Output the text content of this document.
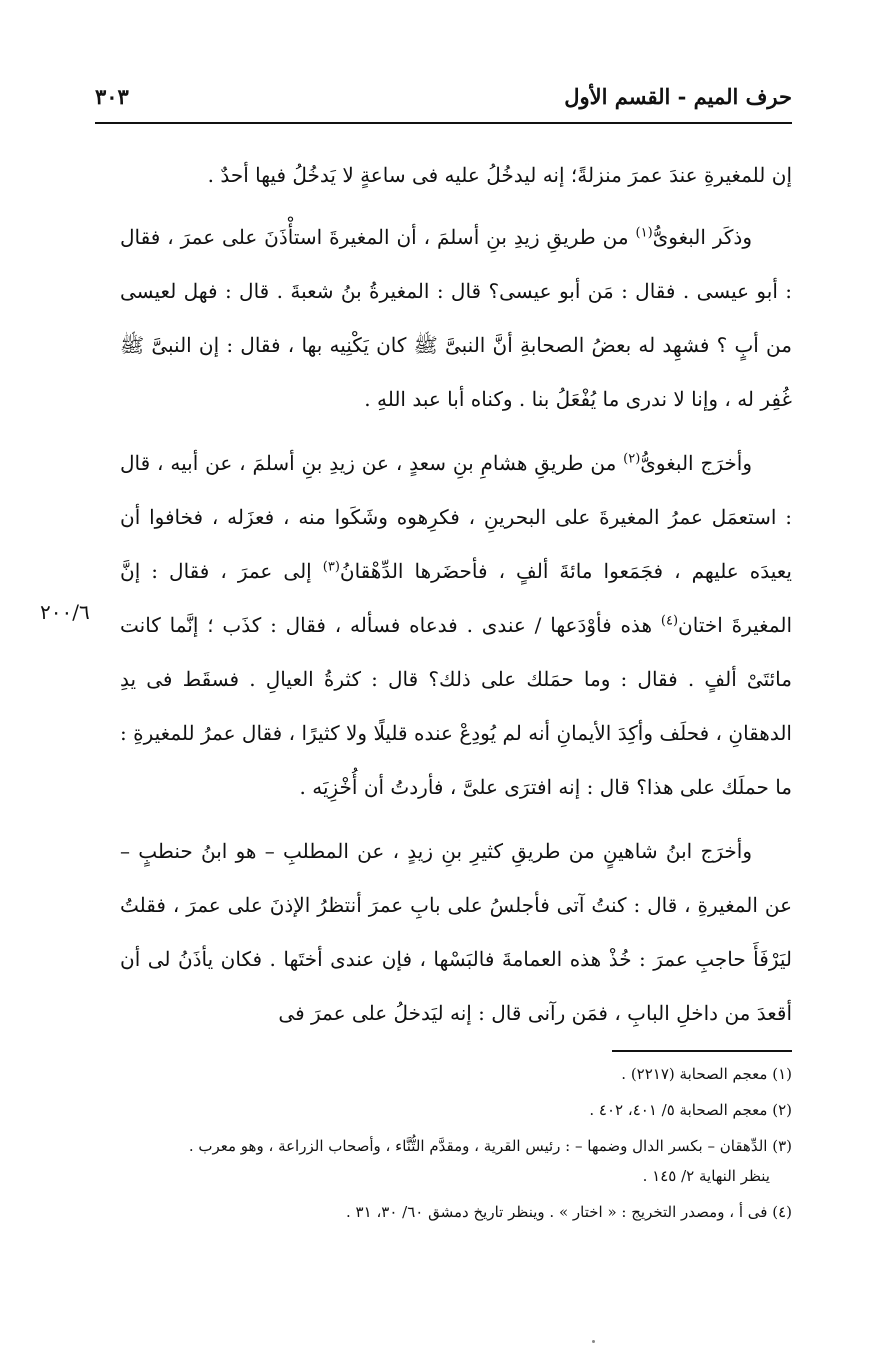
حرف الميم - القسم الأول
٣٠٣

إن للمغيرةِ عندَ عمرَ منزلةً؛ إنه ليدخُلُ عليه فى ساعةٍ لا يَدخُلُ فيها أحدٌ .

وذكَر البغوىُّ$^{(١)}$ من طريقِ زيدِ بنِ أسلمَ ، أن المغيرةَ استأْذَنَ على عمرَ ، فقال : أبو عيسى . فقال : مَن أبو عيسى؟ قال : المغيرةُ بنُ شعبةَ . قال : فهل لعيسى من أبٍ ؟ فشهِد له بعضُ الصحابةِ أنَّ النبىَّ ﷺ كان يَكْنِيه بها ، فقال : إن النبىَّ ﷺ غُفِر له ، وإنا لا ندرى ما يُفْعَلُ بنا . وكناه أبا عبد اللهِ .

وأخرَج البغوىُّ$^{(٢)}$ من طريقِ هشامِ بنِ سعدٍ ، عن زيدِ بنِ أسلمَ ، عن أبيه ، قال : استعمَل عمرُ المغيرةَ على البحرينِ ، فكرِهوه وشَكَوا منه ، فعزَله ، فخافوا أن يعيدَه عليهم ، فجَمَعوا مائةَ ألفٍ ، فأحضَرها الدِّهْقانُ$^{(٣)}$ إلى عمرَ ، فقال : إنَّ المغيرةَ اختان$^{(٤)}$ هذه فأوْدَعها / عندى . فدعاه فسأله ، فقال : كذَب ؛ إنَّما كانت مائتَىْ ألفٍ . فقال : وما حمَلك على ذلك؟ قال : كثرةُ العيالِ . فسقَط فى يدِ الدهقانِ ، فحلَف وأكِدَ الأيمانِ أنه لم يُودِعْ عنده قليلًا ولا كثيرًا ، فقال عمرُ للمغيرةِ : ما حملَك على هذا؟ قال : إنه افترَى علىَّ ، فأردتُ أن أُخْزِيَه .

وأخرَج ابنُ شاهينٍ من طريقِ كثيرِ بنِ زيدٍ ، عن المطلبِ – هو ابنُ حنطبٍ – عن المغيرةِ ، قال : كنتُ آتى فأجلسُ على بابِ عمرَ أنتظرُ الإذنَ على عمرَ ، فقلتُ ليَرْفَأَ حاجبِ عمرَ : خُذْ هذه العمامةَ فالبَسْها ، فإن عندى أختَها . فكان يأذَنُ لى أن أقعدَ من داخلِ البابِ ، فمَن رآنى قال : إنه ليَدخلُ على عمرَ فى

٢٠٠/٦

(١) معجم الصحابة (٢٢١٧) .

(٢) معجم الصحابة ٥/ ٤٠١، ٤٠٢ .

(٣) الدِّهقان – بكسر الدال وضمها – : رئيس القرية ، ومقدَّم التُّنَّاء ، وأصحاب الزراعة ، وهو معرب .

ينظر النهاية ٢/ ١٤٥ .

(٤) فى أ ، ومصدر التخريج : « اختار » . وينظر تاريخ دمشق ٦٠/ ٣٠، ٣١ .
